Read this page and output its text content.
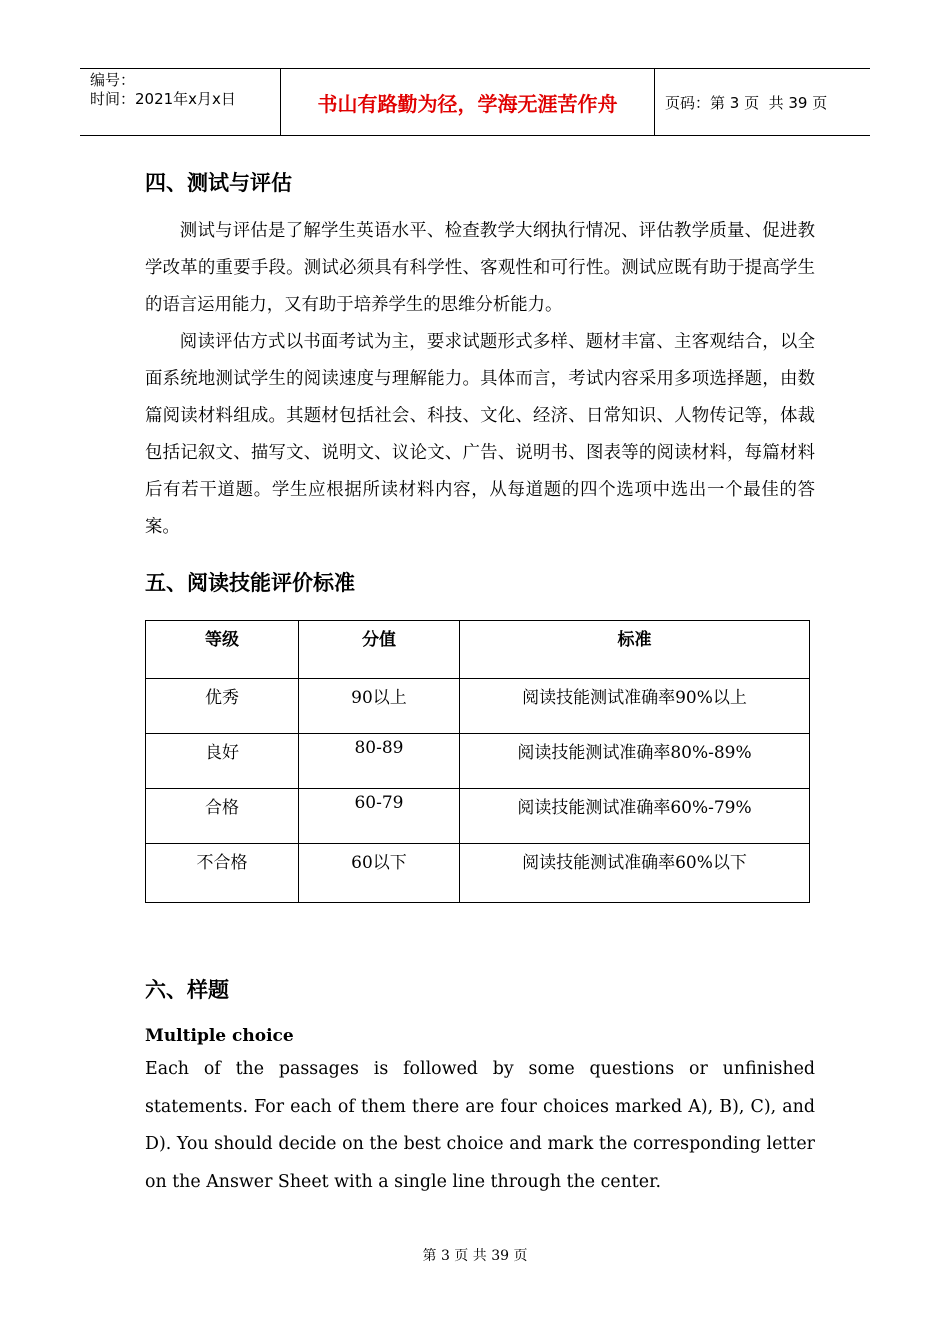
编号：
时间：2021年x月x日	书山有路勤为径，学海无涯苦作舟	页码：第 3 页  共 39 页
四、测试与评估

测试与评估是了解学生英语水平、检查教学大纲执行情况、评估教学质量、促进教学改革的重要手段。测试必须具有科学性、客观性和可行性。测试应既有助于提高学生的语言运用能力，又有助于培养学生的思维分析能力。

阅读评估方式以书面考试为主，要求试题形式多样、题材丰富、主客观结合，以全面系统地测试学生的阅读速度与理解能力。具体而言，考试内容采用多项选择题，由数篇阅读材料组成。其题材包括社会、科技、文化、经济、日常知识、人物传记等，体裁包括记叙文、描写文、说明文、议论文、广告、说明书、图表等的阅读材料，每篇材料后有若干道题。学生应根据所读材料内容，从每道题的四个选项中选出一个最佳的答案。

五、阅读技能评价标准
等级	分值	标准
优秀	90以上	阅读技能测试准确率90%以上
良好	80-89	阅读技能测试准确率80%-89%
合格	60-79	阅读技能测试准确率60%-79%
不合格	60以下	阅读技能测试准确率60%以下
六、样题
Multiple choice

Each of the passages is followed by some questions or unfinished statements. For each of them there are four choices marked A), B), C), and D). You should decide on the best choice and mark the corresponding letter on the Answer Sheet with a single line through the center.

第 3 页 共 39 页
